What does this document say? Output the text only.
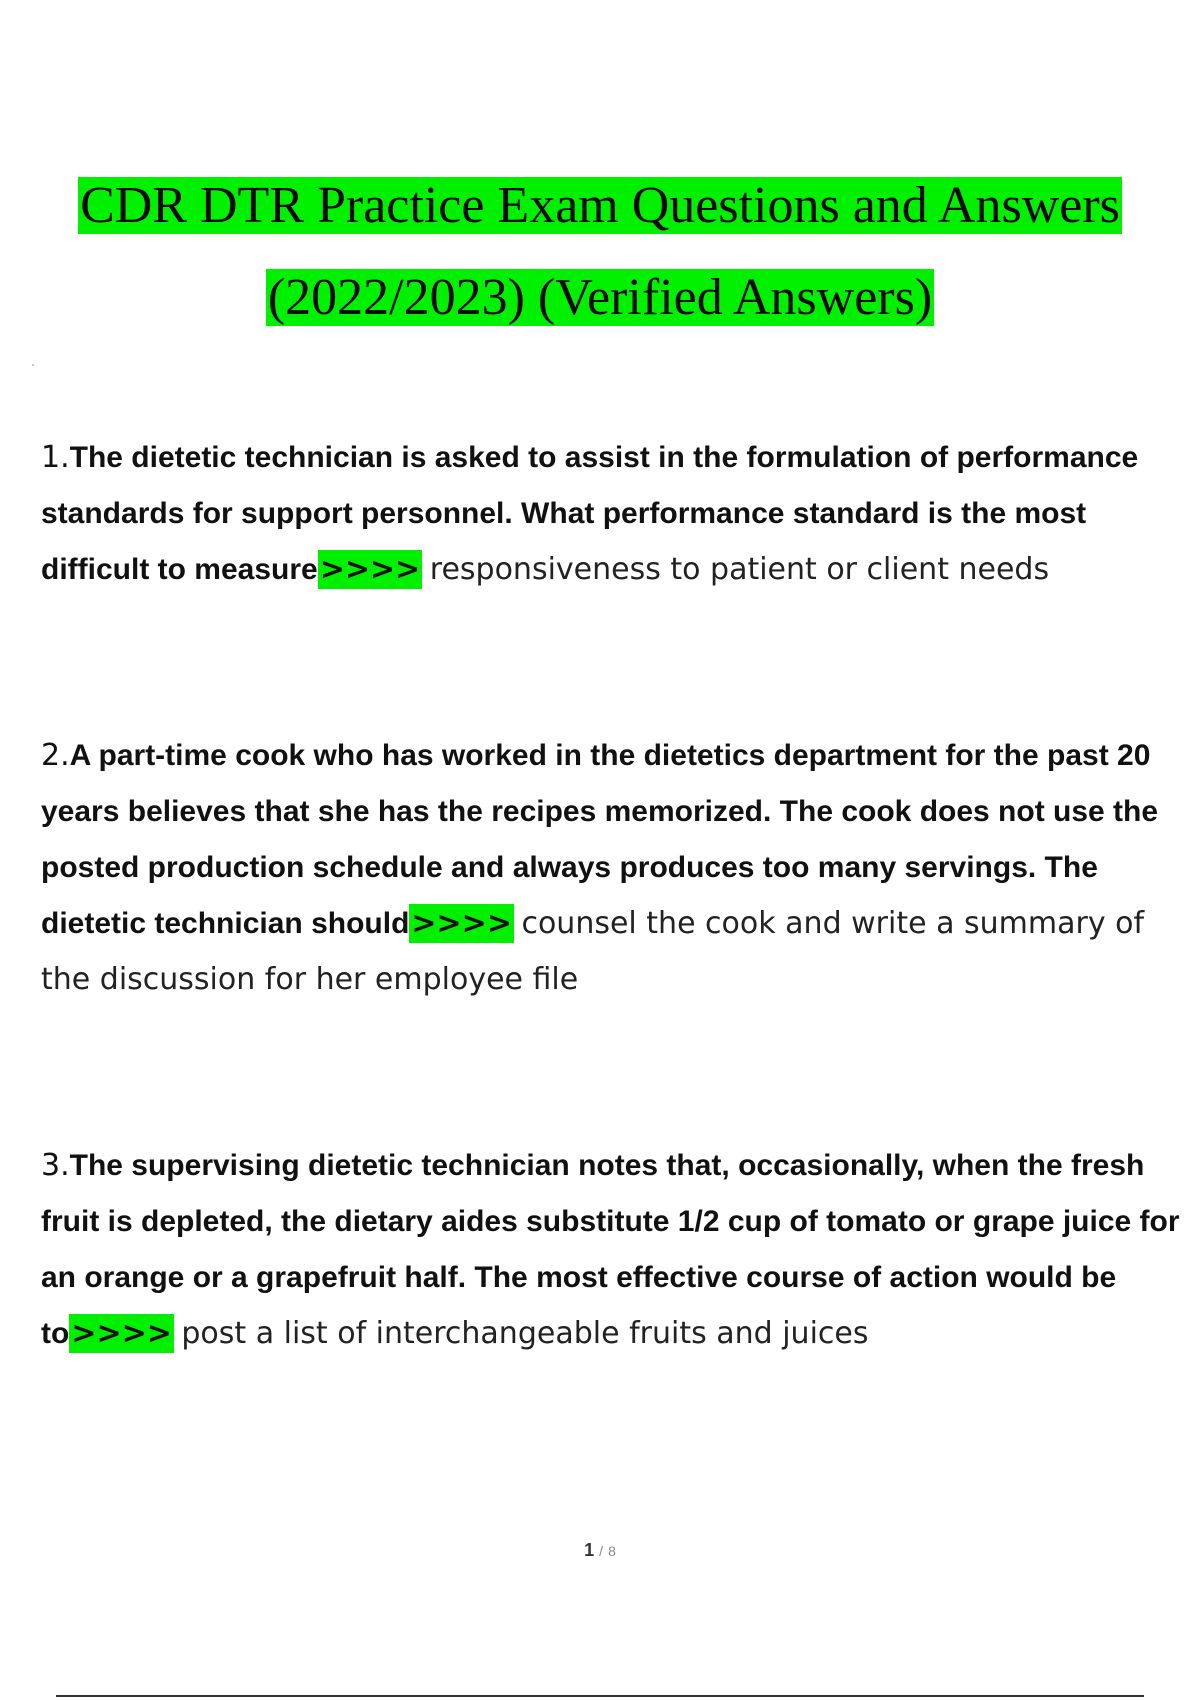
CDR DTR Practice Exam Questions and Answers
(2022/2023) (Verified Answers)
1.The dietetic technician is asked to assist in the formulation of performance standards for support personnel. What performance standard is the most difficult to measure>>>> responsiveness to patient or client needs
2.A part-time cook who has worked in the dietetics department for the past 20 years believes that she has the recipes memorized. The cook does not use the posted production schedule and always produces too many servings. The dietetic technician should>>>> counsel the cook and write a summary of the discussion for her employee file
3.The supervising dietetic technician notes that, occasionally, when the fresh fruit is depleted, the dietary aides substitute 1/2 cup of tomato or grape juice for an orange or a grapefruit half. The most effective course of action would be to>>>> post a list of interchangeable fruits and juices
1 / 8
